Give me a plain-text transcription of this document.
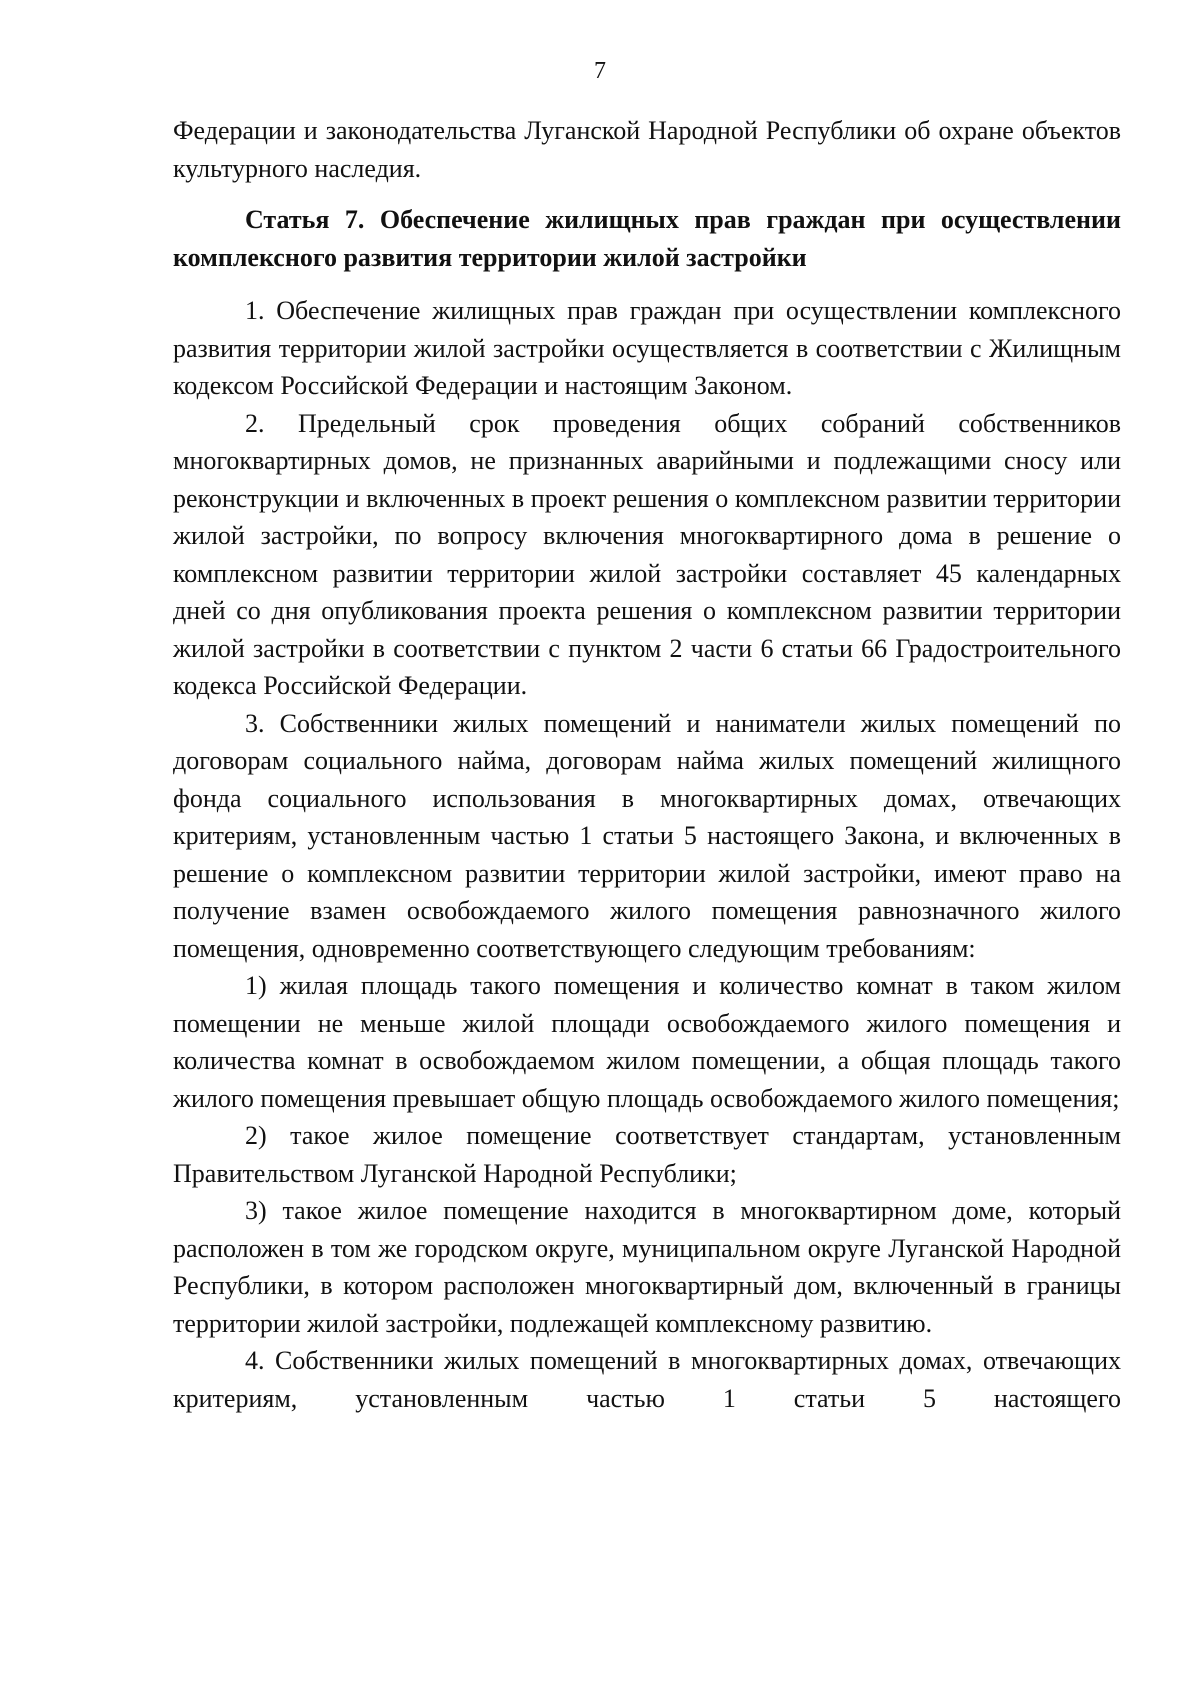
7

Федерации и законодательства Луганской Народной Республики об охране объектов культурного наследия.

Статья 7. Обеспечение жилищных прав граждан при осуществлении комплексного развития территории жилой застройки

1. Обеспечение жилищных прав граждан при осуществлении комплексного развития территории жилой застройки осуществляется в соответствии с Жилищным кодексом Российской Федерации и настоящим Законом.

2. Предельный срок проведения общих собраний собственников многоквартирных домов, не признанных аварийными и подлежащими сносу или реконструкции и включенных в проект решения о комплексном развитии территории жилой застройки, по вопросу включения многоквартирного дома в решение о комплексном развитии территории жилой застройки составляет 45 календарных дней со дня опубликования проекта решения о комплексном развитии территории жилой застройки в соответствии с пунктом 2 части 6 статьи 66 Градостроительного кодекса Российской Федерации.

3. Собственники жилых помещений и наниматели жилых помещений по договорам социального найма, договорам найма жилых помещений жилищного фонда социального использования в многоквартирных домах, отвечающих критериям, установленным частью 1 статьи 5 настоящего Закона, и включенных в решение о комплексном развитии территории жилой застройки, имеют право на получение взамен освобождаемого жилого помещения равнозначного жилого помещения, одновременно соответствующего следующим требованиям:

1) жилая площадь такого помещения и количество комнат в таком жилом помещении не меньше жилой площади освобождаемого жилого помещения и количества комнат в освобождаемом жилом помещении, а общая площадь такого жилого помещения превышает общую площадь освобождаемого жилого помещения;

2) такое жилое помещение соответствует стандартам, установленным Правительством Луганской Народной Республики;

3) такое жилое помещение находится в многоквартирном доме, который расположен в том же городском округе, муниципальном округе Луганской Народной Республики, в котором расположен многоквартирный дом, включенный в границы территории жилой застройки, подлежащей комплексному развитию.

4. Собственники жилых помещений в многоквартирных домах, отвечающих критериям, установленным частью 1 статьи 5 настоящего
